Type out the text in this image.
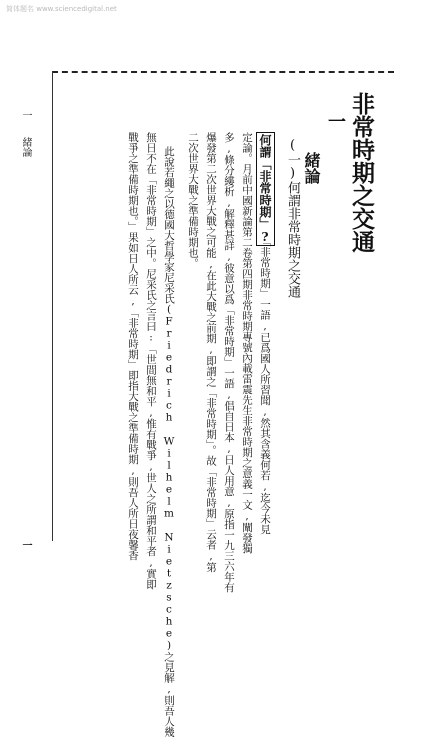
简体题名 www.sciencedigital.net
非常時期之交通
一
緒論
(一)何謂非常時期之交通
何謂「非常時期」?
「非常時期」一語,已爲國人所習聞,然其含義何若,迄今未見
定論。月前中國新論第二卷第四期非常時期專號內載雷震先生非常時期之意義一文,闡發獨
多,條分縷析,解釋甚詳,彼意以爲「非常時期」一語,倡自日本,日人用意,原指一九三六年有
爆發第二次世界大戰之可能,在此大戰之前期,即謂之「非常時期」。故「非常時期」云者,第
二次世界大戰之準備時期也。
此說若繩之以德國大哲學家尼采氏(Friedrich Wilhelm Nietzsche)之見解,則吾人幾
無日不在「非常時期」之中。尼采氏之言曰:「世間無和平,惟有戰爭,世人之所謂和平者,實即
戰爭之準備時期也。」果如日人所云,「非常時期」即指大戰之準備時期,則吾人所日夜馨香
一 緒論
一
